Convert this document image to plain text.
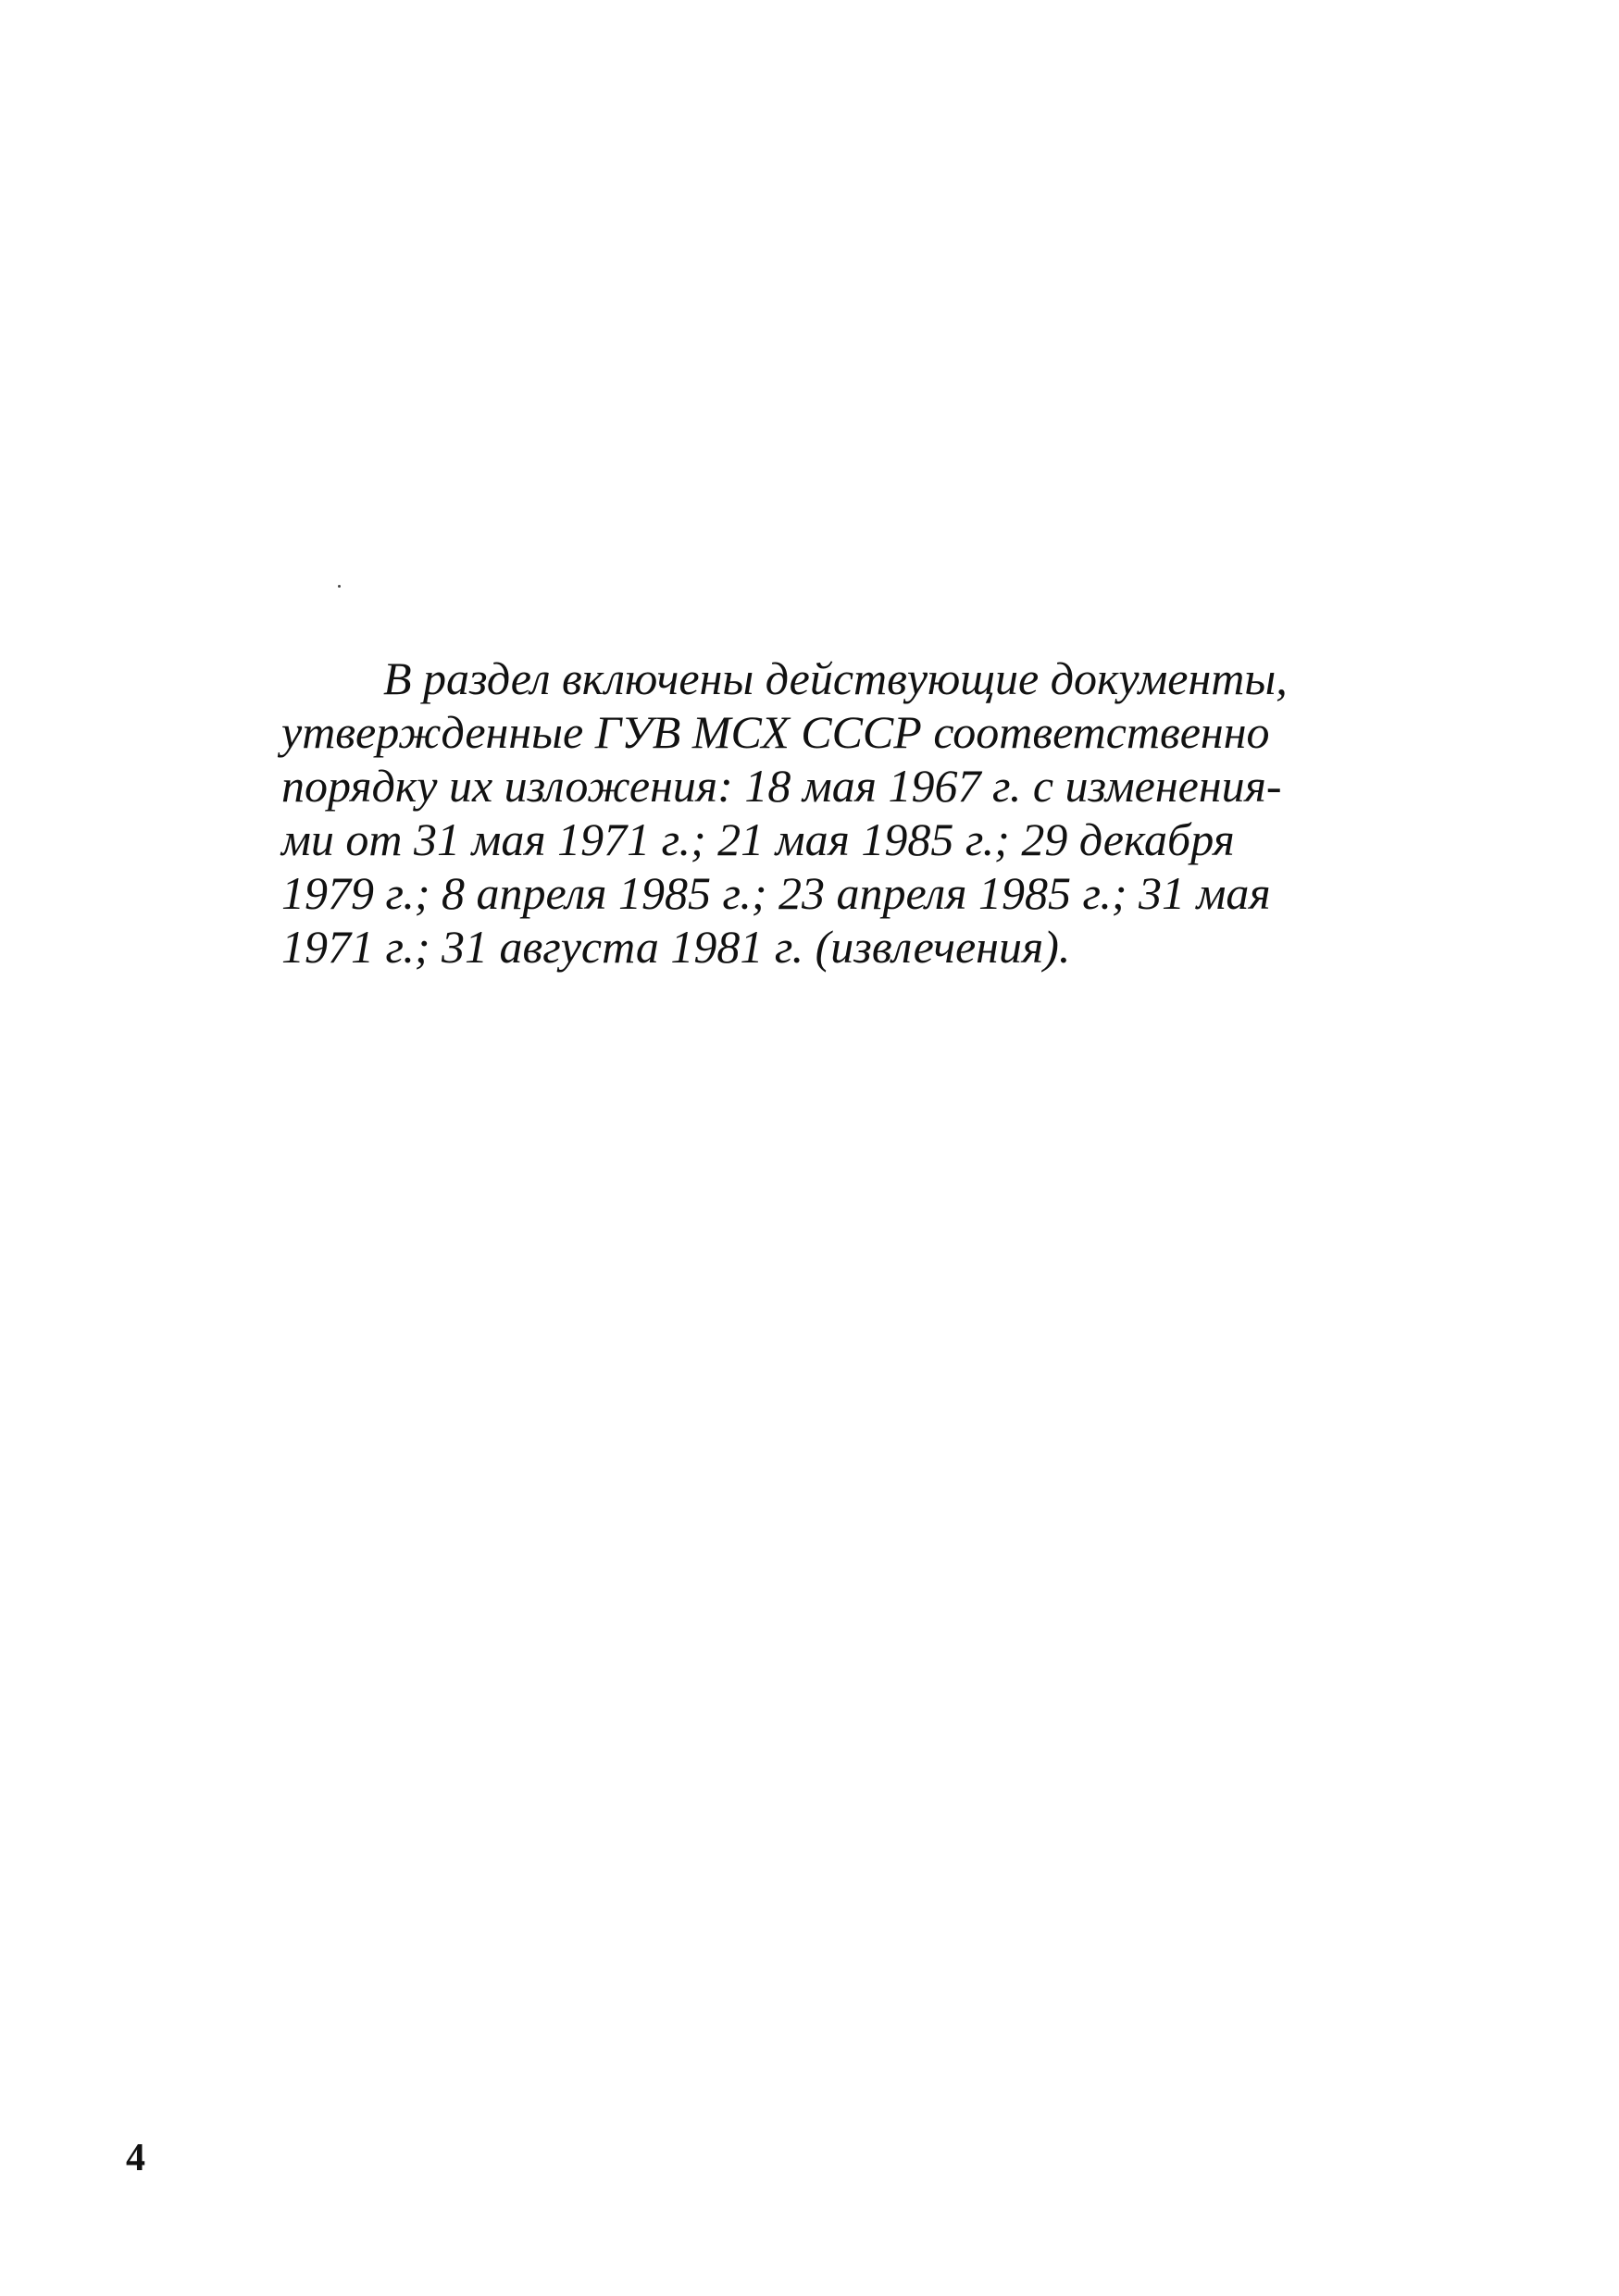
В раздел включены действующие документы,
утвержденные ГУВ МСХ СССР соответственно
порядку их изложения: 18 мая 1967 г. с изменения-
ми от 31 мая 1971 г.; 21 мая 1985 г.; 29 декабря
1979 г.; 8 апреля 1985 г.; 23 апреля 1985 г.; 31 мая
1971 г.; 31 августа 1981 г. (извлечения).
4
